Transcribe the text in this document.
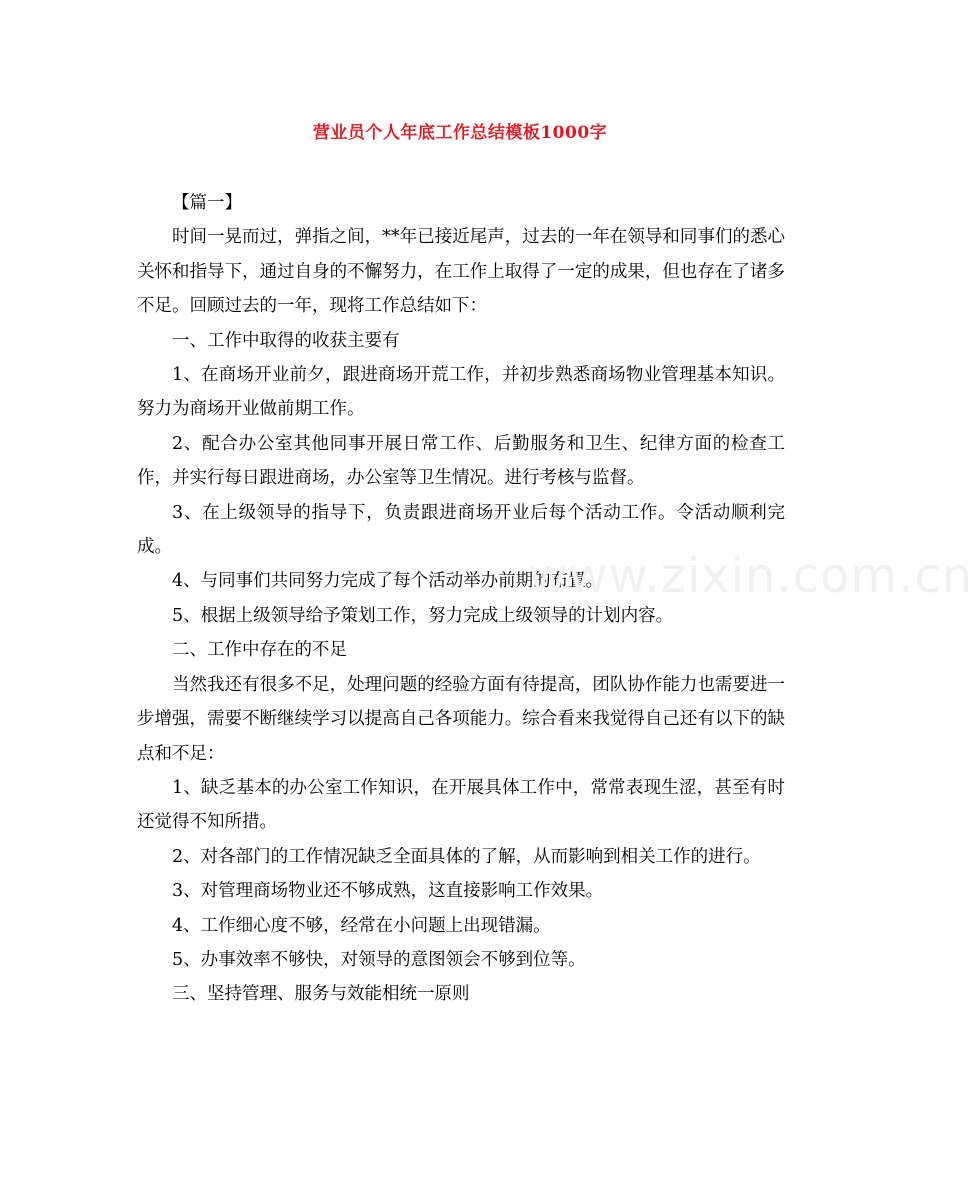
营业员个人年底工作总结模板1000字

【篇一】

时间一晃而过，弹指之间，**年已接近尾声，过去的一年在领导和同事们的悉心关怀和指导下，通过自身的不懈努力，在工作上取得了一定的成果，但也存在了诸多不足。回顾过去的一年，现将工作总结如下：

一、工作中取得的收获主要有

1、在商场开业前夕，跟进商场开荒工作，并初步熟悉商场物业管理基本知识。努力为商场开业做前期工作。

2、配合办公室其他同事开展日常工作、后勤服务和卫生、纪律方面的检查工作，并实行每日跟进商场，办公室等卫生情况。进行考核与监督。

3、在上级领导的指导下，负责跟进商场开业后每个活动工作。令活动顺利完成。

4、与同事们共同努力完成了每个活动举办前期的布置。

5、根据上级领导给予策划工作，努力完成上级领导的计划内容。

二、工作中存在的不足

当然我还有很多不足，处理问题的经验方面有待提高，团队协作能力也需要进一步增强，需要不断继续学习以提高自己各项能力。综合看来我觉得自己还有以下的缺点和不足：

1、缺乏基本的办公室工作知识，在开展具体工作中，常常表现生涩，甚至有时还觉得不知所措。

2、对各部门的工作情况缺乏全面具体的了解，从而影响到相关工作的进行。

3、对管理商场物业还不够成熟，这直接影响工作效果。

4、工作细心度不够，经常在小问题上出现错漏。

5、办事效率不够快，对领导的意图领会不够到位等。

三、坚持管理、服务与效能相统一原则

www.zixin.com.cn
